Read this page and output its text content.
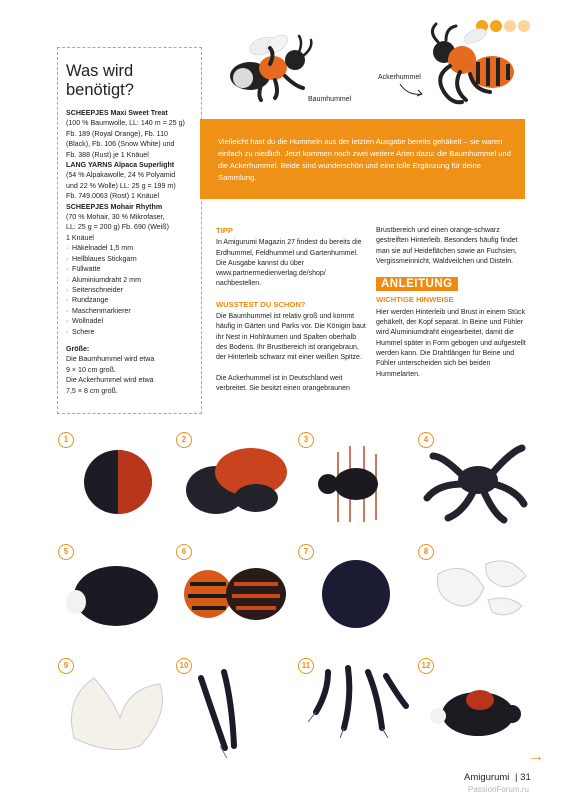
Was wird benötigt?
SCHEEPJES Maxi Sweet Treat
(100 % Baumwolle, LL: 140 m = 25 g)
Fb. 189 (Royal Orange), Fb. 110
(Black), Fb. 106 (Snow White) und
Fb. 388 (Rust) je 1 Knäuel
LANG YARNS Alpaca Superlight
(54 % Alpakawolle, 24 % Polyamid
und 22 % Wolle) LL: 25 g = 199 m)
Fb. 749.0063 (Rost) 1 Knäuel
SCHEEPJES Mohair Rhythm
(70 % Mohair, 30 % Mikrofaser,
LL: 25 g = 200 g) Fb. 690 (Weiß)
1 Knäuel
· Häkelnadel 1,5 mm
· Hellblaues Stickgarn
· Füllwatte
· Aluminiumdraht 2 mm
· Seitenschneider
· Rundzange
· Maschenmarkierer
· Wollnadel
· Schere
Größe:
Die Baumhummel wird etwa
9 × 10 cm groß.
Die Ackerhummel wird etwa
7,5 × 8 cm groß.
Baumhummel
Ackerhummel

Vielleicht hast du die Hummeln aus der letzten Ausgabe bereits gehäkelt – sie waren einfach zu niedlich. Jetzt kommen noch zwei weitere Arten dazu: die Baumhummel und die Ackerhummel. Beide sind wunderschön und eine tolle Ergänzung für deine Sammlung.

TIPP

In Amigurumi Magazin 27 findest du bereits die Erdhummel, Feldhummel und Gartenhummel. Die Ausgabe kannst du über www.partnermedienverlag.de/shop/ nachbestellen.

WUSSTEST DU SCHON?

Die Baumhummel ist relativ groß und kommt häufig in Gärten und Parks vor. Die Königin baut ihr Nest in Hohlräumen und Spalten oberhalb des Bodens. Ihr Brustbereich ist orangebraun, der Hinterleib schwarz mit einer weißen Spitze.

Die Ackerhummel ist in Deutschland weit verbreitet. Sie besitzt einen orangebraunen

Brustbereich und einen orange-schwarz gestreiften Hinterleib. Besonders häufig findet man sie auf Heideflächen sowie an Fuchsien, Vergissmeinnicht, Waldveilchen und Disteln.

ANLEITUNG
WICHTIGE HINWEISE

Hier werden Hinterleib und Brust in einem Stück gehäkelt, der Kopf separat. In Beine und Fühler wird Aluminiumdraht eingearbeitet, damit die Hummel später in Form gebogen und aufgestellt werden kann. Die Drahtlängen für Beine und Fühler unterscheiden sich bei beiden Hummelarten.

1	2	3	4
5	6	7	8
9	10	11	12
→
Amigurumi | 31
PassionForum.ru
